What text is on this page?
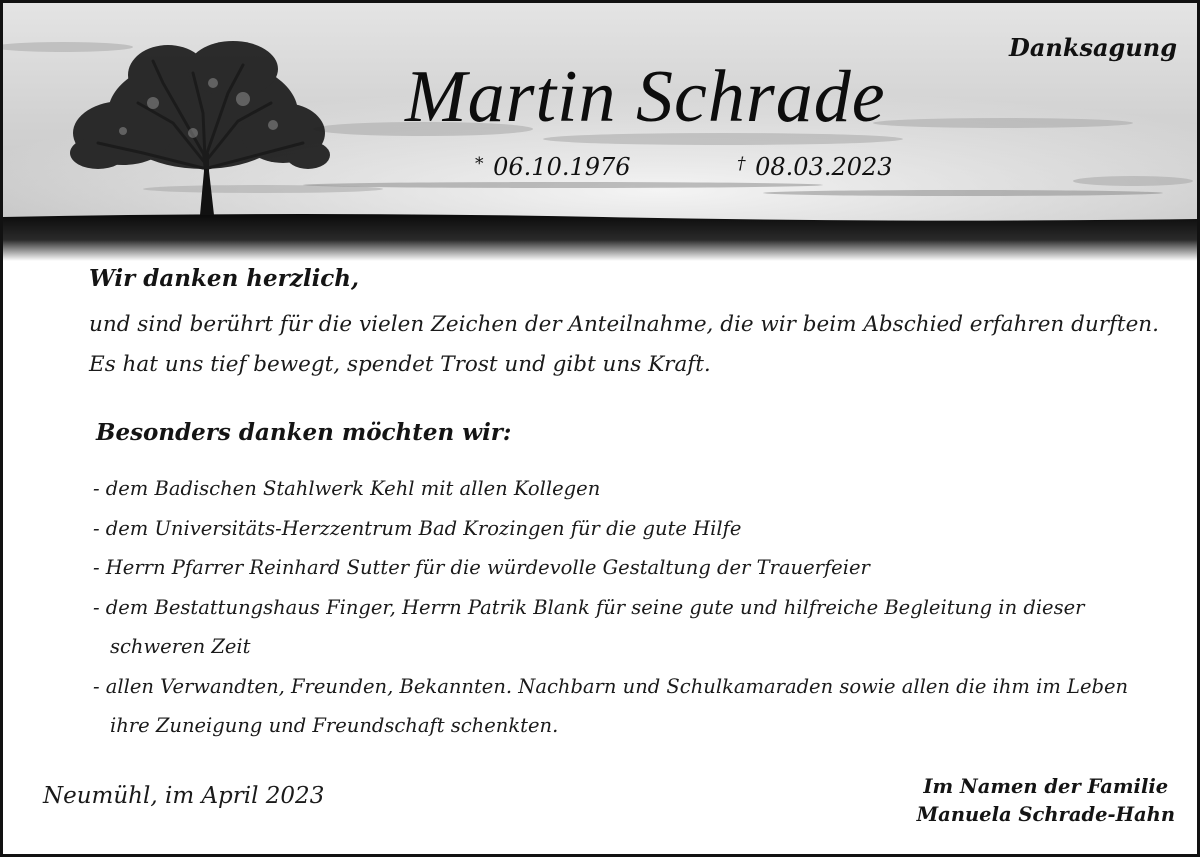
Danksagung
Martin Schrade
* 06.10.1976	† 08.03.2023
Wir danken herzlich,
und sind berührt für die vielen Zeichen der Anteilnahme, die wir beim Abschied erfahren durften. Es hat uns tief bewegt, spendet Trost und gibt uns Kraft.
Besonders danken möchten wir:
- dem Badischen Stahlwerk Kehl mit allen Kollegen
- dem Universitäts-Herzzentrum Bad Krozingen für die gute Hilfe
- Herrn Pfarrer Reinhard Sutter für die würdevolle Gestaltung der Trauerfeier
- dem Bestattungshaus Finger, Herrn Patrik Blank für seine gute und hilfreiche Begleitung in dieser schweren Zeit
- allen Verwandten, Freunden, Bekannten. Nachbarn und Schulkamaraden sowie allen die ihm im Leben ihre Zuneigung und Freundschaft schenkten.
Neumühl, im April 2023	Im Namen der Familie
Manuela Schrade-Hahn
